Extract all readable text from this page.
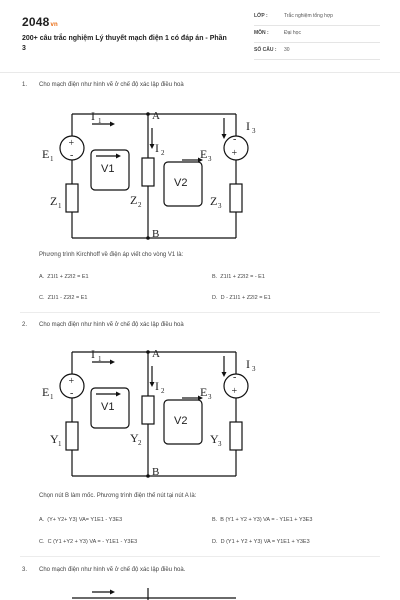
2048vn
200+ câu trắc nghiệm Lý thuyết mạch điện 1 có đáp án - Phần 3
LỚP :	Trắc nghiệm tổng hợp
MÔN :	Đại học
SỐ CÂU : 30
1. Cho mạch điện như hình vẽ ở chế độ xác lập điều hoà
I 1	A
I 2
I 3
E 1	E 3
+
-
-
+
V1
V2
Z 1	Z 2	Z 3
B
Phương trình Kirchhoff về điện áp viết cho vòng V1 là:
A. Z1I1 + Z2I2 = E1	B. Z1I1 + Z2I2 = - E1
C. Z1I1 - Z2I2 = E1	D. D - Z1I1 + Z2I2 = E1
2. Cho mạch điện như hình vẽ ở chế độ xác lập điều hoà
I 1	A
I 2
I 3
E 1	E 3
+
-
-
+
V1
V2
Y 1	Y 2	Y 3
B
Chọn nút B làm mốc. Phương trình điện thế nút tại nút A là:
A. (Y+ Y2+ Y3) VA= Y1E1 - Y3E3	B. B (Y1 + Y2 + Y3) VA = - Y1E1 + Y3E3
C. C (Y1 +Y2 + Y3) VA = - Y1E1 - Y3E3	D. D (Y1 + Y2 + Y3) VA = Y1E1 + Y3E3
3. Cho mạch điện như hình vẽ ở chế độ xác lập điều hoà.
